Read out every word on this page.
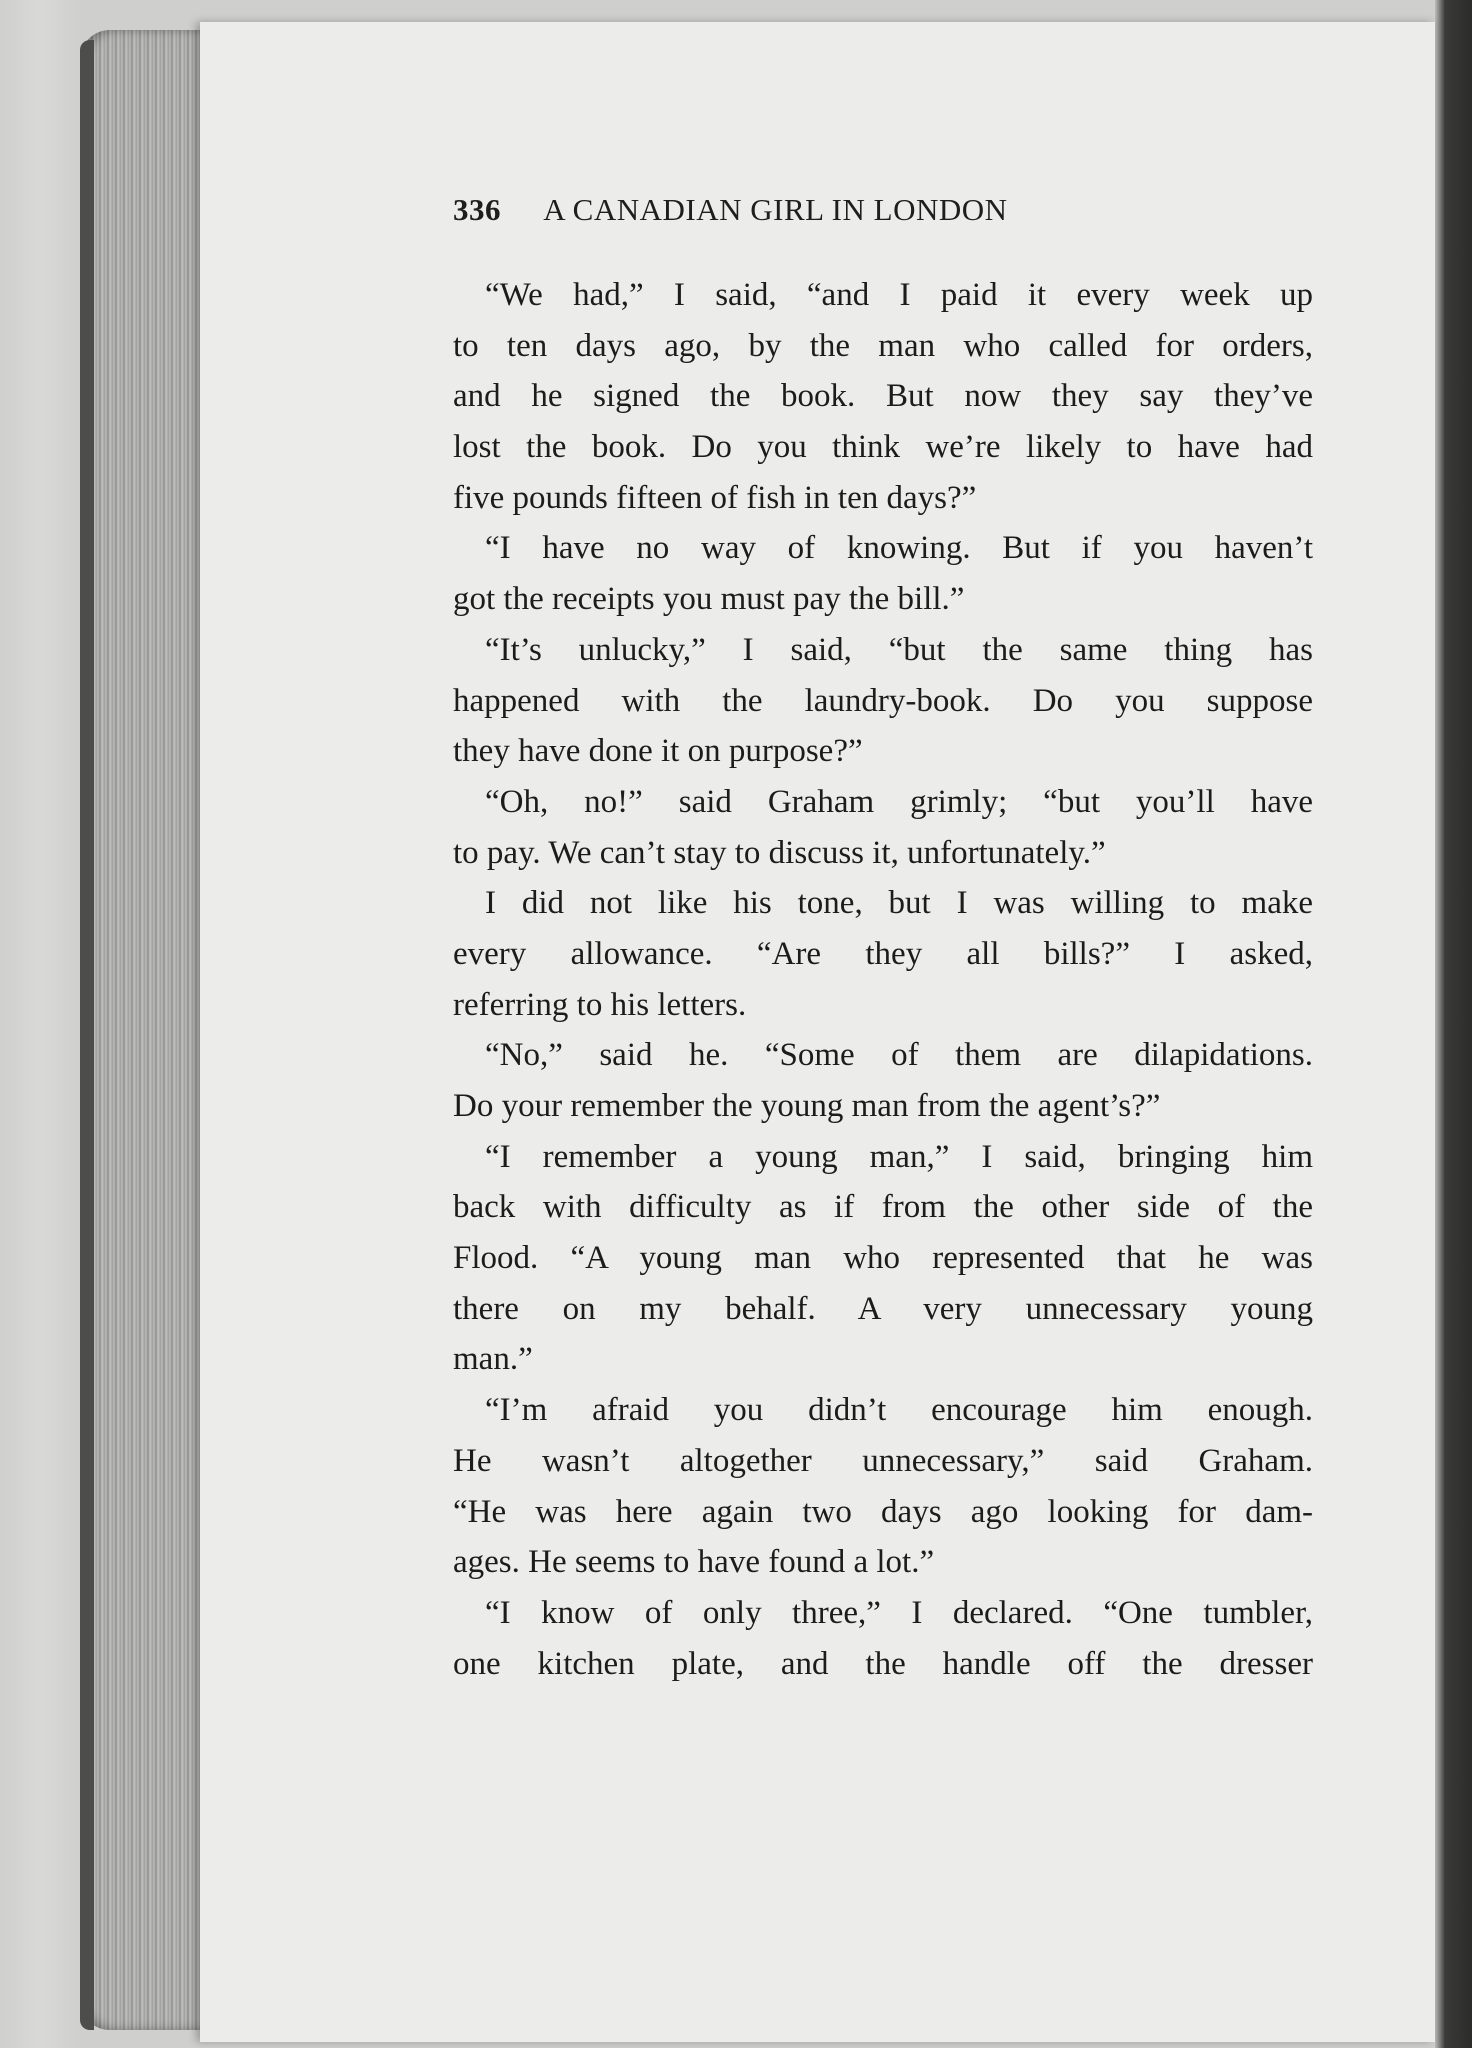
336 A CANADIAN GIRL IN LONDON
“We had,” I said, “and I paid it every week up
to ten days ago, by the man who called for orders,
and he signed the book. But now they say they’ve
lost the book. Do you think we’re likely to have had
five pounds fifteen of fish in ten days?”
“I have no way of knowing. But if you haven’t
got the receipts you must pay the bill.”
“It’s unlucky,” I said, “but the same thing has
happened with the laundry-book. Do you suppose
they have done it on purpose?”
“Oh, no!” said Graham grimly; “but you’ll have
to pay. We can’t stay to discuss it, unfortunately.”
I did not like his tone, but I was willing to make
every allowance. “Are they all bills?” I asked,
referring to his letters.
“No,” said he. “Some of them are dilapidations.
Do your remember the young man from the agent’s?”
“I remember a young man,” I said, bringing him
back with difficulty as if from the other side of the
Flood. “A young man who represented that he was
there on my behalf. A very unnecessary young
man.”
“I’m afraid you didn’t encourage him enough.
He wasn’t altogether unnecessary,” said Graham.
“He was here again two days ago looking for dam-
ages. He seems to have found a lot.”
“I know of only three,” I declared. “One tumbler,
one kitchen plate, and the handle off the dresser
